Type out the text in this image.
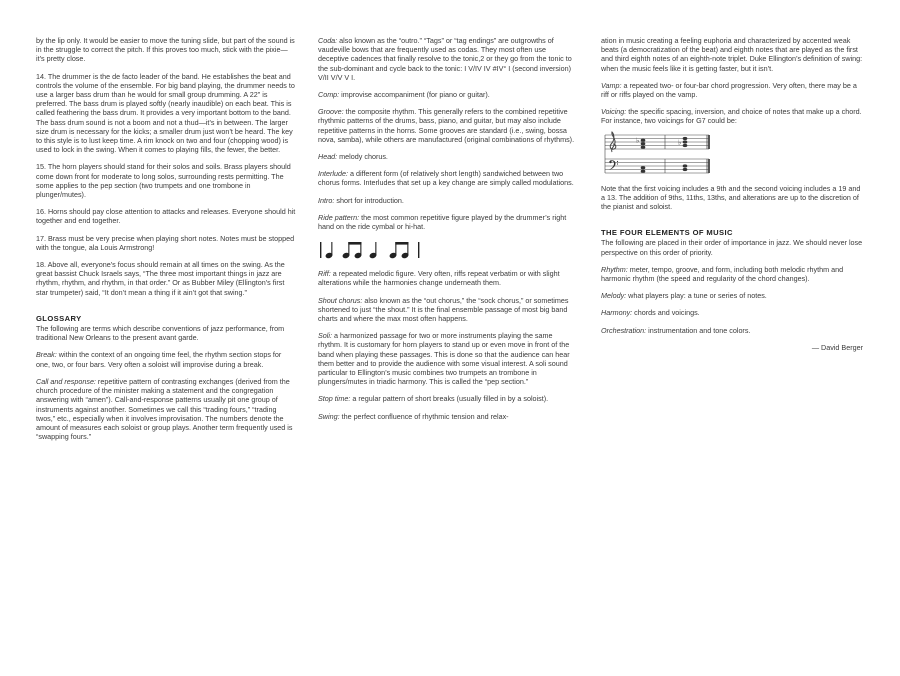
by the lip only. It would be easier to move the tuning slide, but part of the sound is in the struggle to correct the pitch. If this proves too much, stick with the pixie—it’s pretty close.

14. The drummer is the de facto leader of the band. He establishes the beat and controls the volume of the ensemble. For big band playing, the drummer needs to use a larger bass drum than he would for small group drumming. A 22" is preferred. The bass drum is played softly (nearly inaudible) on each beat. This is called feathering the bass drum. It provides a very important bottom to the band. The bass drum sound is not a boom and not a thud—it’s in between. The larger size drum is necessary for the kicks; a smaller drum just won’t be heard. The key to this style is to lust keep time. A rim knock on two and four (chopping wood) is used to lock in the swing. When it comes to playing fills, the fewer, the better.

15. The horn players should stand for their solos and soils. Brass players should come down front for moderate to long solos, surrounding rests permitting. The some applies to the pep section (two trumpets and one trombone in plunger/mutes).

16. Horns should pay close attention to attacks and releases. Everyone should hit together and end together.

17. Brass must be very precise when playing short notes. Notes must be stopped with the tongue, ala Louis Armstrong!

18. Above all, everyone’s focus should remain at all times on the swing. As the great bassist Chuck Israels says, “The three most important things in jazz are rhythm, rhythm, and rhythm, in that order.” Or as Bubber Miley (Ellington’s first star trumpeter) said, “It don’t mean a thing if it ain’t got that swing.”

GLOSSARY

The following are terms which describe conventions of jazz performance, from traditional New Orleans to the present avant garde.

Break: within the context of an ongoing time feel, the rhythm section stops for one, two, or four bars. Very often a soloist will improvise during a break.

Call and response: repetitive pattern of contrasting exchanges (derived from the church procedure of the minister making a statement and the congregation answering with “amen”). Call-and-response patterns usually pit one group of instruments against another. Sometimes we call this “trading fours,” “trading twos,” etc., especially when it involves improvisation. The numbers denote the amount of measures each soloist or group plays. Another term frequently used is “swapping fours.”

Coda: also known as the “outro.” “Tags” or “tag endings” are outgrowths of vaudeville bows that are frequently used as codas. They most often use deceptive cadences that finally resolve to the tonic,2 or they go from the tonic to the sub-dominant and cycle back to the tonic: I V/IV IV #IV° I (second inversion) V/II V/V V I.

Comp: improvise accompaniment (for piano or guitar).

Groove: the composite rhythm. This generally refers to the combined repetitive rhythmic patterns of the drums, bass, piano, and guitar, but may also include repetitive patterns in the horns. Some grooves are standard (i.e., swing, bossa nova, samba), while others are manufactured (original combinations of rhythms).

Head: melody chorus.

Interlude: a different form (of relatively short length) sandwiched between two chorus forms. Interludes that set up a key change are simply called modulations.

Intro: short for introduction.

Ride pattern: the most common repetitive figure played by the drummer’s right hand on the ride cymbal or hi-hat.

Riff: a repeated melodic figure. Very often, riffs repeat verbatim or with slight alterations while the harmonies change underneath them.

Shout chorus: also known as the “out chorus,” the “sock chorus,” or sometimes shortened to just “the shout.” It is the final ensemble passage of most big band charts and where the max most often happens.

Soli: a harmonized passage for two or more instruments playing the same rhythm. It is customary for horn players to stand up or even move in front of the band when playing these passages. This is done so that the audience can hear them better and to provide the audience with some visual interest. A soli sound particular to Ellington’s music combines two trumpets an trombone in plungers/mutes in triadic harmony. This is called the “pep section.”

Stop time: a regular pattern of short breaks (usually filled in by a soloist).

Swing: the perfect confluence of rhythmic tension and relax-

ation in music creating a feeling euphoria and characterized by accented weak beats (a democratization of the beat) and eighth notes that are played as the first and third eighth notes of an eighth-note triplet. Duke Ellington’s definition of swing: when the music feels like it is getting faster, but it isn’t.

Vamp: a repeated two- or four-bar chord progression. Very often, there may be a riff or riffs played on the vamp.

Voicing: the specific spacing, inversion, and choice of notes that make up a chord. For instance, two voicings for G7 could be:

♭	♭

Note that the first voicing includes a 9th and the second voicing includes a 19 and a 13. The addition of 9ths, 11ths, 13ths, and alterations are up to the discretion of the pianist and soloist.

THE FOUR ELEMENTS OF MUSIC

The following are placed in their order of importance in jazz. We should never lose perspective on this order of priority.

Rhythm: meter, tempo, groove, and form, including both melodic rhythm and harmonic rhythm (the speed and regularity of the chord changes).

Melody: what players play: a tune or series of notes.

Harmony: chords and voicings.

Orchestration: instrumentation and tone colors.

— David Berger
